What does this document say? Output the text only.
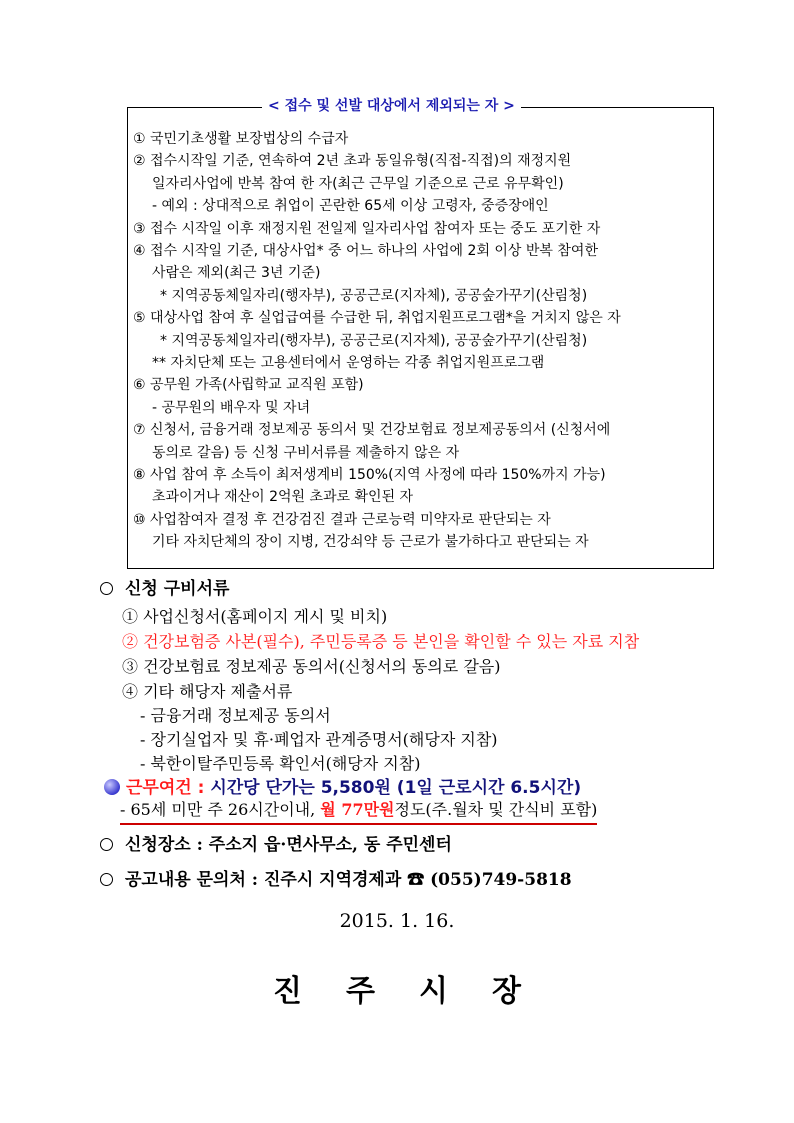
< 접수 및 선발 대상에서 제외되는 자 >
① 국민기초생활 보장법상의 수급자
② 접수시작일 기준, 연속하여 2년 초과 동일유형(직접-직접)의 재정지원
일자리사업에 반복 참여 한 자(최근 근무일 기준으로 근로 유무확인)
- 예외 : 상대적으로 취업이 곤란한 65세 이상 고령자, 중증장애인
③ 접수 시작일 이후 재정지원 전일제 일자리사업 참여자 또는 중도 포기한 자
④ 접수 시작일 기준, 대상사업* 중 어느 하나의 사업에 2회 이상 반복 참여한
사람은 제외(최근 3년 기준)
* 지역공동체일자리(행자부), 공공근로(지자체), 공공숲가꾸기(산림청)
⑤ 대상사업 참여 후 실업급여를 수급한 뒤, 취업지원프로그램*을 거치지 않은 자
* 지역공동체일자리(행자부), 공공근로(지자체), 공공숲가꾸기(산림청)
** 자치단체 또는 고용센터에서 운영하는 각종 취업지원프로그램
⑥ 공무원 가족(사립학교 교직원 포함)
- 공무원의 배우자 및 자녀
⑦ 신청서, 금융거래 정보제공 동의서 및 건강보험료 정보제공동의서 (신청서에
동의로 갈음) 등 신청 구비서류를 제출하지 않은 자
⑧ 사업 참여 후 소득이 최저생계비 150%(지역 사정에 따라 150%까지 가능)
초과이거나 재산이 2억원 초과로 확인된 자
⑩ 사업참여자 결정 후 건강검진 결과 근로능력 미약자로 판단되는 자
기타 자치단체의 장이 지병, 건강쇠약 등 근로가 불가하다고 판단되는 자
신청 구비서류
① 사업신청서(홈페이지 게시 및 비치)
② 건강보험증 사본(필수), 주민등록증 등 본인을 확인할 수 있는 자료 지참
③ 건강보험료 정보제공 동의서(신청서의 동의로 갈음)
④ 기타 해당자 제출서류
- 금융거래 정보제공 동의서
- 장기실업자 및 휴·폐업자 관계증명서(해당자 지참)
- 북한이탈주민등록 확인서(해당자 지참)
근무여건 : 시간당 단가는 5,580원 (1일 근로시간 6.5시간)
- 65세 미만 주 26시간이내, 월 77만원정도(주.월차 및 간식비 포함)
신청장소 : 주소지 읍·면사무소, 동 주민센터
공고내용 문의처 : 진주시 지역경제과 ☎ (055)749-5818
2015. 1. 16.
진주시장
